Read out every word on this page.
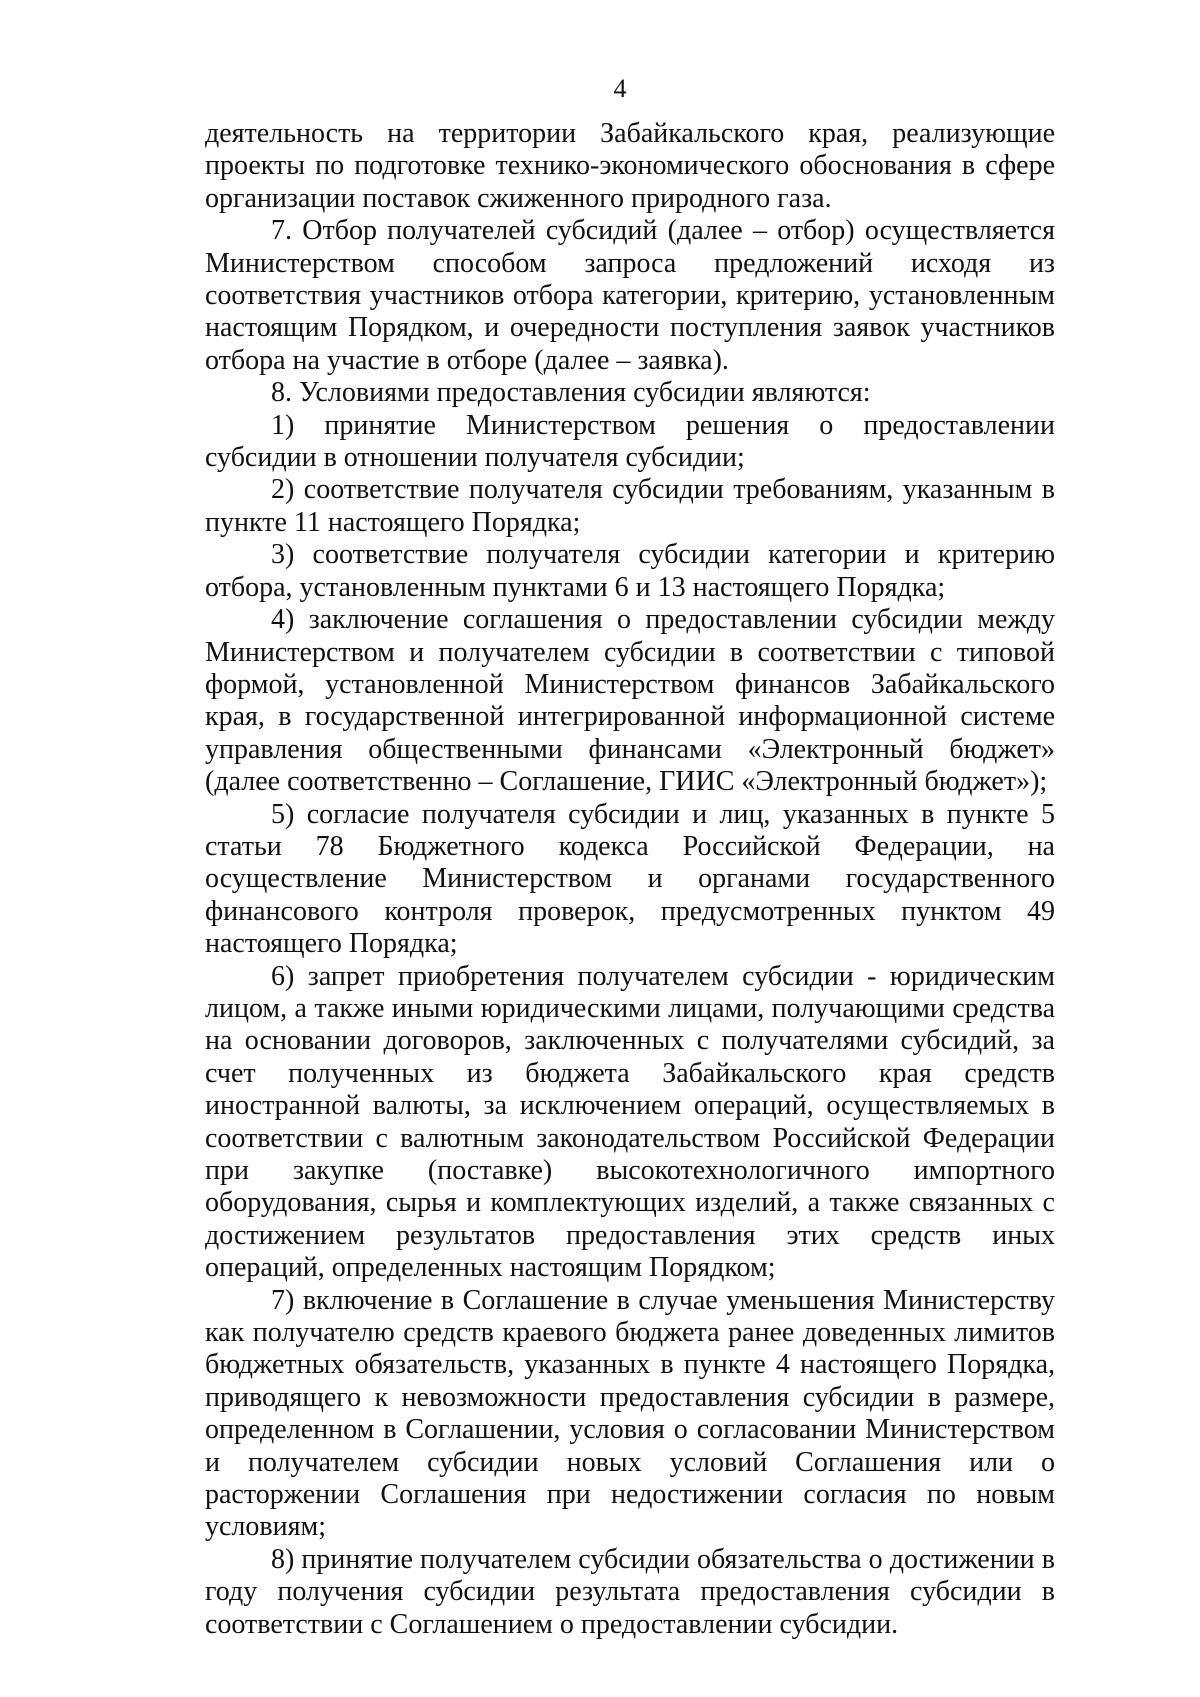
4

деятельность на территории Забайкальского края, реализующие проекты по подготовке технико-экономического обоснования в сфере организации поставок сжиженного природного газа.

7. Отбор получателей субсидий (далее – отбор) осуществляется Министерством способом запроса предложений исходя из соответствия участников отбора категории, критерию, установленным настоящим Порядком, и очередности поступления заявок участников отбора на участие в отборе (далее – заявка).

8. Условиями предоставления субсидии являются:

1) принятие Министерством решения о предоставлении субсидии в отношении получателя субсидии;

2) соответствие получателя субсидии требованиям, указанным в пункте 11 настоящего Порядка;

3) соответствие получателя субсидии категории и критерию отбора, установленным пунктами 6 и 13 настоящего Порядка;

4) заключение соглашения о предоставлении субсидии между Министерством и получателем субсидии в соответствии с типовой формой, установленной Министерством финансов Забайкальского края, в государственной интегрированной информационной системе управления общественными финансами «Электронный бюджет» (далее соответственно – Соглашение, ГИИС «Электронный бюджет»);

5) согласие получателя субсидии и лиц, указанных в пункте 5 статьи 78 Бюджетного кодекса Российской Федерации, на осуществление Министерством и органами государственного финансового контроля проверок, предусмотренных пунктом 49 настоящего Порядка;

6) запрет приобретения получателем субсидии - юридическим лицом, а также иными юридическими лицами, получающими средства на основании договоров, заключенных с получателями субсидий, за счет полученных из бюджета Забайкальского края средств иностранной валюты, за исключением операций, осуществляемых в соответствии с валютным законодательством Российской Федерации при закупке (поставке) высокотехнологичного импортного оборудования, сырья и комплектующих изделий, а также связанных с достижением результатов предоставления этих средств иных операций, определенных настоящим Порядком;

7) включение в Соглашение в случае уменьшения Министерству как получателю средств краевого бюджета ранее доведенных лимитов бюджетных обязательств, указанных в пункте 4 настоящего Порядка, приводящего к невозможности предоставления субсидии в размере, определенном в Соглашении, условия о согласовании Министерством и получателем субсидии новых условий Соглашения или о расторжении Соглашения при недостижении согласия по новым условиям;

8) принятие получателем субсидии обязательства о достижении в году получения субсидии результата предоставления субсидии в соответствии с Соглашением о предоставлении субсидии.
